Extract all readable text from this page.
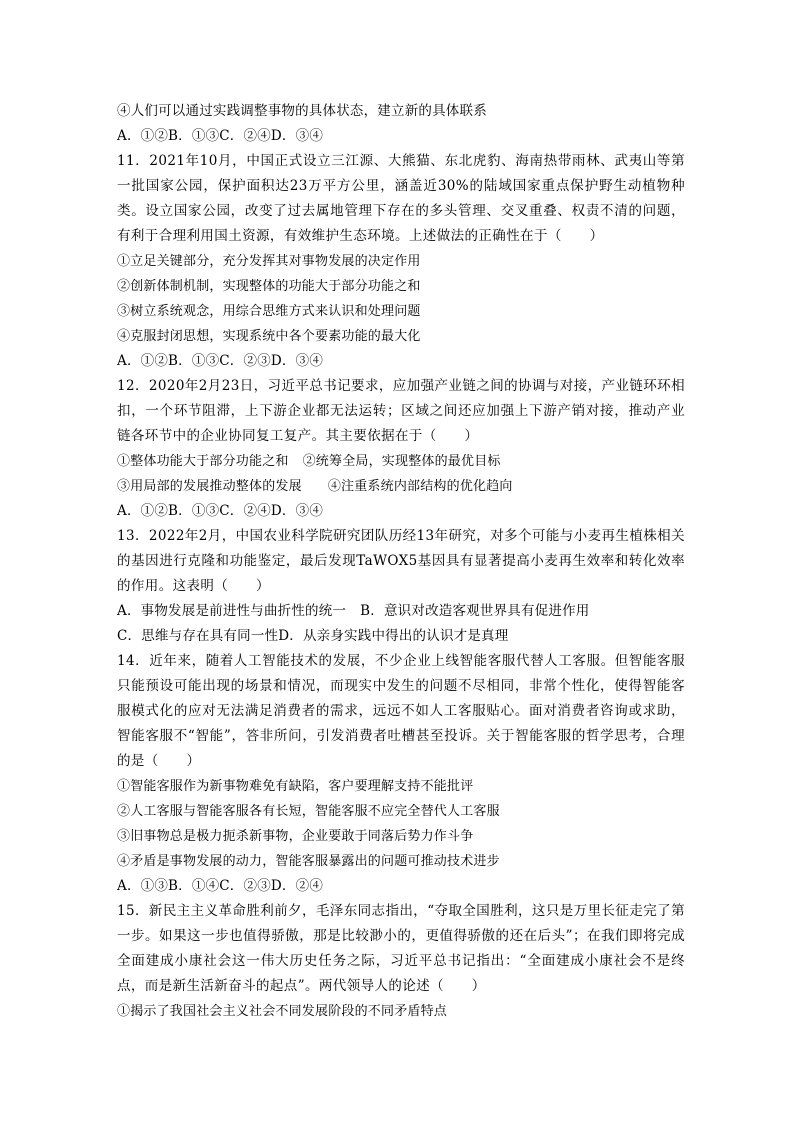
④人们可以通过实践调整事物的具体状态，建立新的具体联系
A．①②B．①③C．②④D．③④
11．2021年10月，中国正式设立三江源、大熊猫、东北虎豹、海南热带雨林、武夷山等第一批国家公园，保护面积达23万平方公里，涵盖近30%的陆域国家重点保护野生动植物种类。设立国家公园，改变了过去属地管理下存在的多头管理、交叉重叠、权责不清的问题，有利于合理利用国土资源，有效维护生态环境。上述做法的正确性在于（　　）
①立足关键部分，充分发挥其对事物发展的决定作用
②创新体制机制，实现整体的功能大于部分功能之和
③树立系统观念，用综合思维方式来认识和处理问题
④克服封闭思想，实现系统中各个要素功能的最大化
A．①②B．①③C．②③D．③④
12．2020年2月23日，习近平总书记要求，应加强产业链之间的协调与对接，产业链环环相扣，一个环节阻滞，上下游企业都无法运转；区域之间还应加强上下游产销对接，推动产业链各环节中的企业协同复工复产。其主要依据在于（　　）
①整体功能大于部分功能之和 ②统筹全局，实现整体的最优目标
③用局部的发展推动整体的发展 ④注重系统内部结构的优化趋向
A．①②B．①③C．②④D．③④
13．2022年2月，中国农业科学院研究团队历经13年研究，对多个可能与小麦再生植株相关的基因进行克隆和功能鉴定，最后发现TaWOX5基因具有显著提高小麦再生效率和转化效率的作用。这表明（　　）
A．事物发展是前进性与曲折性的统一 B．意识对改造客观世界具有促进作用
C．思维与存在具有同一性D．从亲身实践中得出的认识才是真理
14．近年来，随着人工智能技术的发展，不少企业上线智能客服代替人工客服。但智能客服只能预设可能出现的场景和情况，而现实中发生的问题不尽相同，非常个性化，使得智能客服模式化的应对无法满足消费者的需求，远远不如人工客服贴心。面对消费者咨询或求助，智能客服不“智能”，答非所问，引发消费者吐槽甚至投诉。关于智能客服的哲学思考，合理的是（　　）
①智能客服作为新事物难免有缺陷，客户要理解支持不能批评
②人工客服与智能客服各有长短，智能客服不应完全替代人工客服
③旧事物总是极力扼杀新事物，企业要敢于同落后势力作斗争
④矛盾是事物发展的动力，智能客服暴露出的问题可推动技术进步
A．①③B．①④C．②③D．②④
15．新民主主义革命胜利前夕，毛泽东同志指出，“夺取全国胜利，这只是万里长征走完了第一步。如果这一步也值得骄傲，那是比较渺小的，更值得骄傲的还在后头”；在我们即将完成全面建成小康社会这一伟大历史任务之际，习近平总书记指出：“全面建成小康社会不是终点，而是新生活新奋斗的起点”。两代领导人的论述（　　）
①揭示了我国社会主义社会不同发展阶段的不同矛盾特点
